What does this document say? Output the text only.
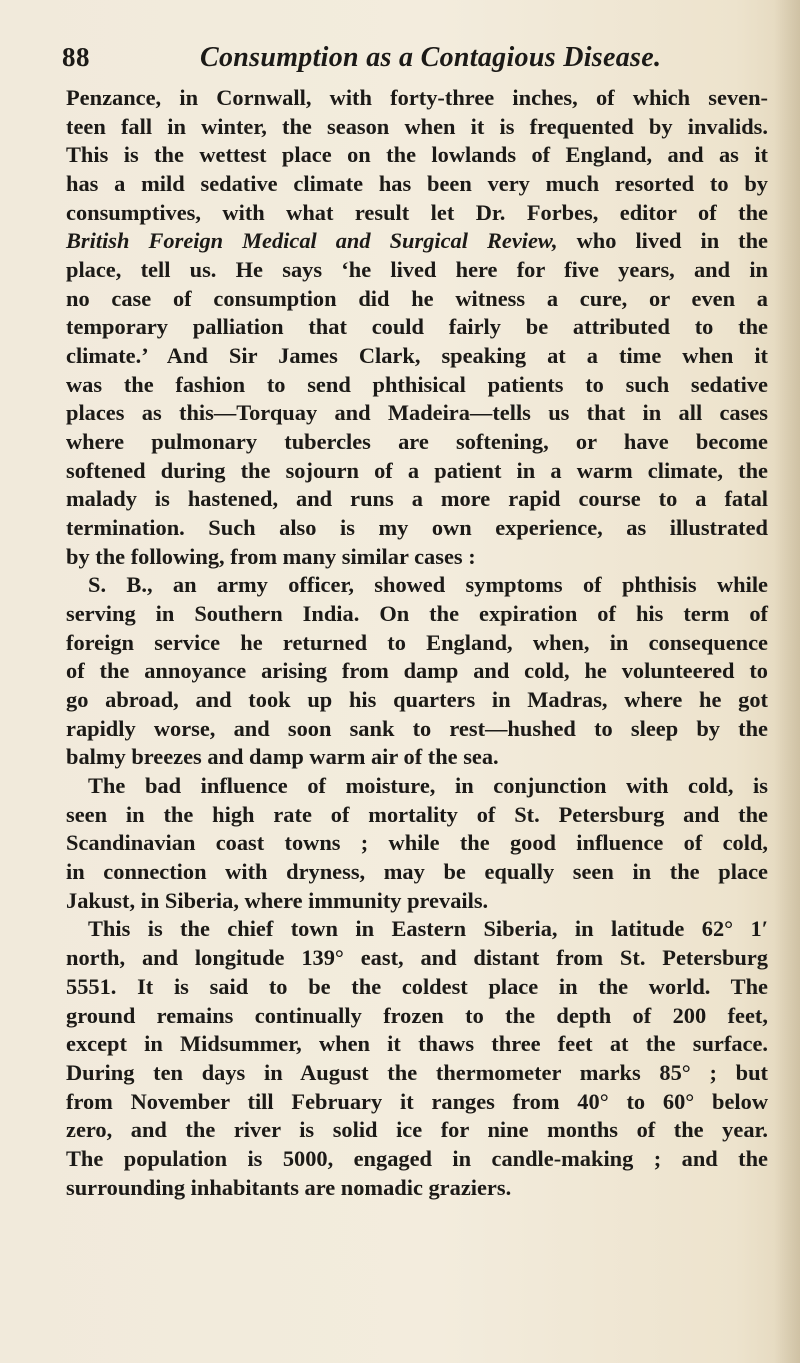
88	Consumption as a Contagious Disease.
Penzance, in Cornwall, with forty-three inches, of which seven-
teen fall in winter, the season when it is frequented by invalids.
This is the wettest place on the lowlands of England, and as it
has a mild sedative climate has been very much resorted to by
consumptives, with what result let Dr. Forbes, editor of the
British Foreign Medical and Surgical Review, who lived in the
place, tell us. He says ‘he lived here for five years, and in
no case of consumption did he witness a cure, or even a
temporary palliation that could fairly be attributed to the
climate.’ And Sir James Clark, speaking at a time when it
was the fashion to send phthisical patients to such sedative
places as this—Torquay and Madeira—tells us that in all cases
where pulmonary tubercles are softening, or have become
softened during the sojourn of a patient in a warm climate, the
malady is hastened, and runs a more rapid course to a fatal
termination. Such also is my own experience, as illustrated
by the following, from many similar cases :
S. B., an army officer, showed symptoms of phthisis while
serving in Southern India. On the expiration of his term of
foreign service he returned to England, when, in consequence
of the annoyance arising from damp and cold, he volunteered to
go abroad, and took up his quarters in Madras, where he got
rapidly worse, and soon sank to rest—hushed to sleep by the
balmy breezes and damp warm air of the sea.
The bad influence of moisture, in conjunction with cold, is
seen in the high rate of mortality of St. Petersburg and the
Scandinavian coast towns ; while the good influence of cold,
in connection with dryness, may be equally seen in the place
Jakust, in Siberia, where immunity prevails.
This is the chief town in Eastern Siberia, in latitude 62° 1′
north, and longitude 139° east, and distant from St. Petersburg
5551. It is said to be the coldest place in the world. The
ground remains continually frozen to the depth of 200 feet,
except in Midsummer, when it thaws three feet at the surface.
During ten days in August the thermometer marks 85° ; but
from November till February it ranges from 40° to 60° below
zero, and the river is solid ice for nine months of the year.
The population is 5000, engaged in candle-making ; and the
surrounding inhabitants are nomadic graziers.
